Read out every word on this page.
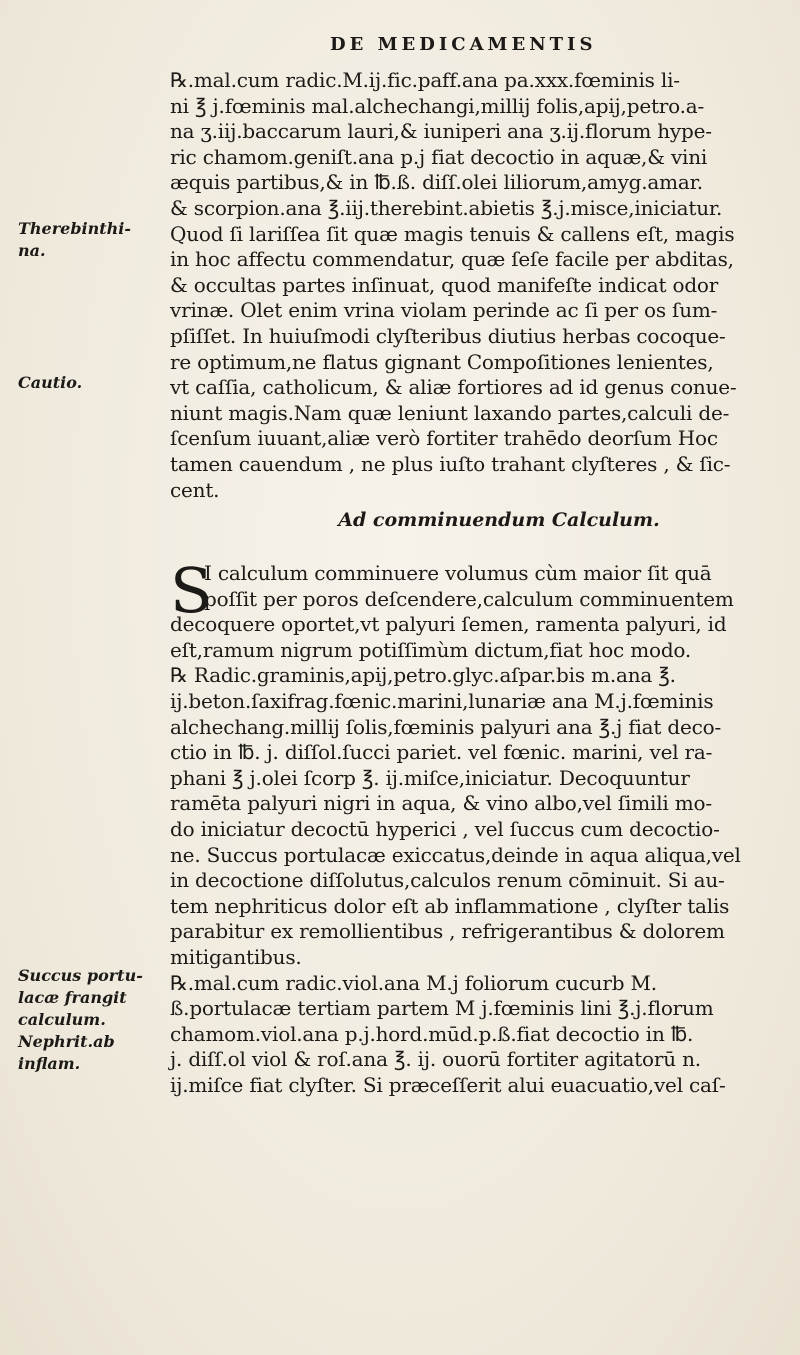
DE MEDICAMENTIS
Therebinthi-
na.
Cautio.
Succus portu-
lacæ frangit
calculum.
Nephrit.ab
inflam.
℞.mal.cum radic.M.ij.fic.paff.ana pa.xxx.fœminis li-
ni ℥ j.fœminis mal.alchechangi,millij folis,apij,petro.a-
na ʒ.iij.baccarum lauri,& iuniperi ana ʒ.ij.florum hype-
ric chamom.geniſt.ana p.j fiat decoctio in aquæ,& vini
æquis partibus,& in ℔.ß. diſſ.olei liliorum,amyg.amar.
& scorpion.ana ℥.iij.therebint.abietis ℥.j.misce,iniciatur.
Quod ſi lariſſea ſit quæ magis tenuis & callens eſt, magis
in hoc affectu commendatur, quæ ſeſe facile per abditas,
& occultas partes inſinuat, quod manifeſte indicat odor
vrinæ. Olet enim vrina violam perinde ac ſi per os ſum-
pſiſſet. In huiuſmodi clyſteribus diutius herbas cocoque-
re optimum,ne flatus gignant Compoſitiones lenientes,
vt caſſia, catholicum, & aliæ fortiores ad id genus conue-
niunt magis.Nam quæ leniunt laxando partes,calculi de-
ſcenſum iuuant,aliæ verò fortiter trahēdo deorſum Hoc
tamen cauendum , ne plus iuſto trahant clyſteres , & ſic-
cent.
Ad comminuendum Calculum.
S
I calculum comminuere volumus cùm maior ſit quā
poſſit per poros deſcendere,calculum comminuentem
decoquere oportet,vt palyuri ſemen, ramenta palyuri, id
eſt,ramum nigrum potiſſimùm dictum,fiat hoc modo.
℞ Radic.graminis,apij,petro.glyc.aſpar.bis m.ana ℥.
ij.beton.ſaxifrag.fœnic.marini,lunariæ ana M.j.fœminis
alchechang.millij ſolis,fœminis palyuri ana ℥.j fiat deco-
ctio in ℔. j. diſſol.ſucci pariet. vel fœnic. marini, vel ra-
phani ℥ j.olei ſcorp ℥. ij.miſce,iniciatur. Decoquuntur
ramēta palyuri nigri in aqua, & vino albo,vel ſimili mo-
do iniciatur decoctū hyperici , vel ſuccus cum decoctio-
ne. Succus portulacæ exiccatus,deinde in aqua aliqua,vel
in decoctione diſſolutus,calculos renum cōminuit. Si au-
tem nephriticus dolor eſt ab inflammatione , clyſter talis
parabitur ex remollientibus , refrigerantibus & dolorem
mitigantibus.
℞.mal.cum radic.viol.ana M.j foliorum cucurb M.
ß.portulacæ tertiam partem M j.fœminis lini ℥.j.florum
chamom.viol.ana p.j.hord.mūd.p.ß.fiat decoctio in ℔.
j. diſſ.ol viol & roſ.ana ℥. ij. ouorū fortiter agitatorū n.
ij.miſce fiat clyſter. Si præceſſerit alui euacuatio,vel caſ-
